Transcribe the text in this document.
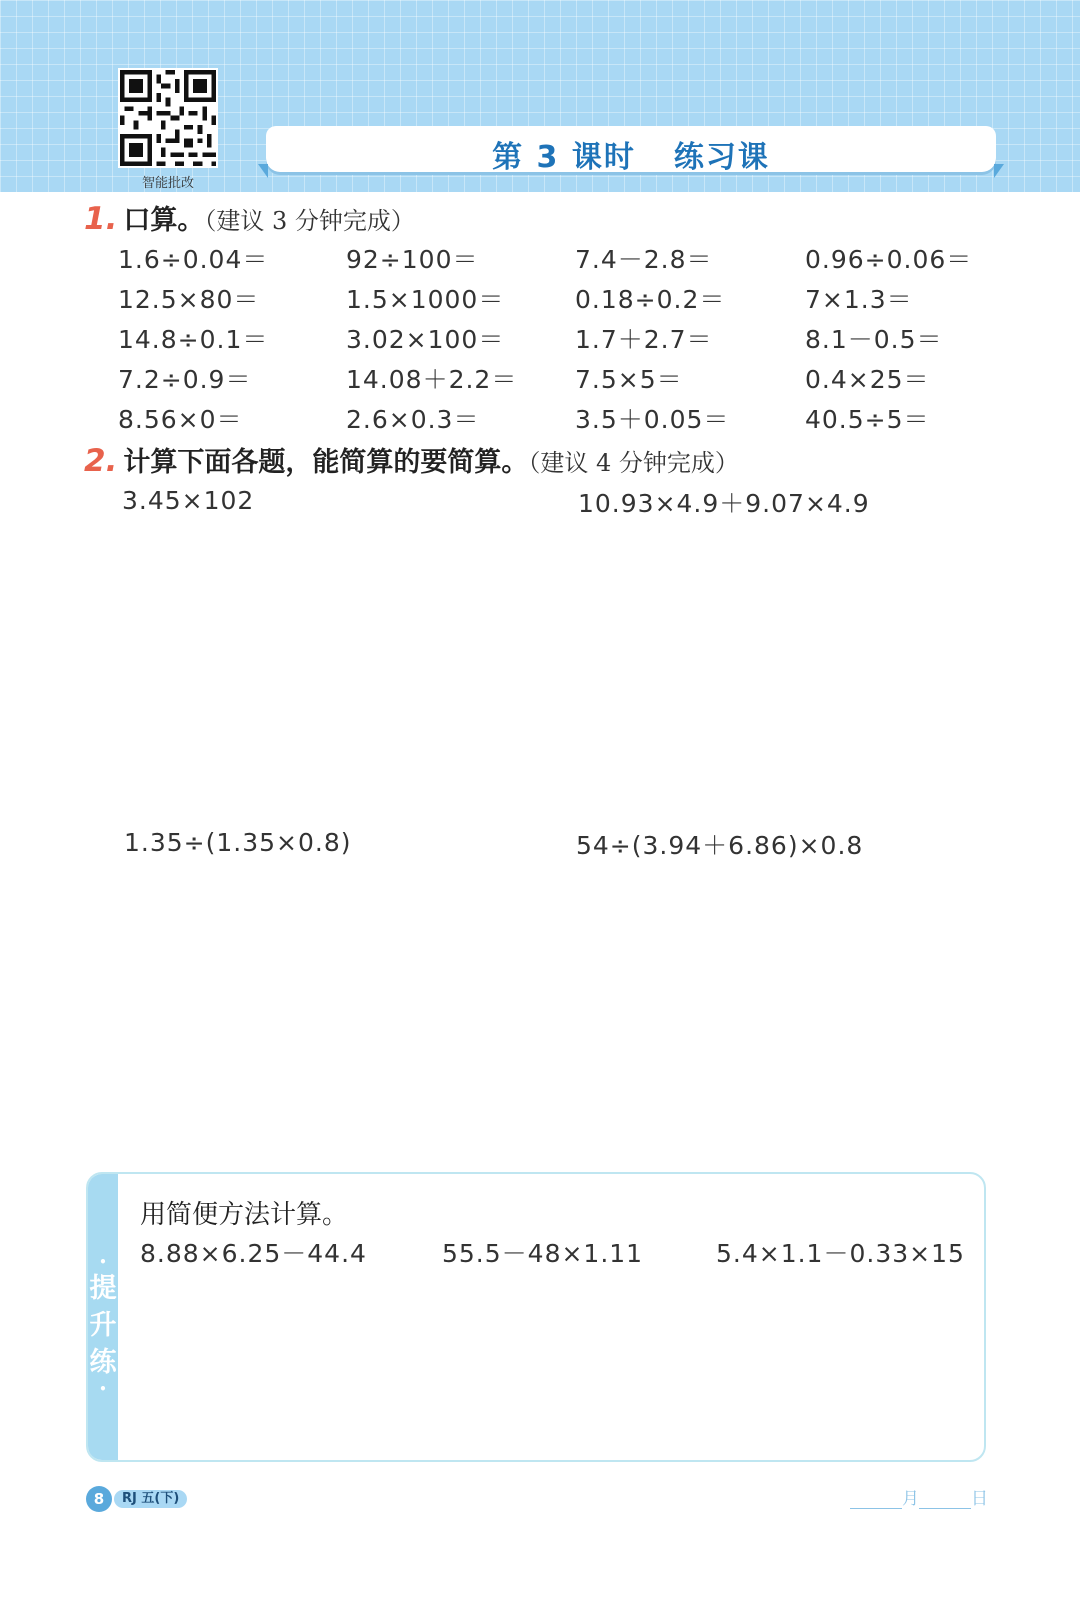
智能批改
第 3 课时 练习课
1. 口算。（建议 3 分钟完成）
1.6÷0.04＝	92÷100＝	7.4－2.8＝	0.96÷0.06＝
12.5×80＝	1.5×1000＝	0.18÷0.2＝	7×1.3＝
14.8÷0.1＝	3.02×100＝	1.7＋2.7＝	8.1－0.5＝
7.2÷0.9＝	14.08＋2.2＝ 7.5×5＝	0.4×25＝
8.56×0＝	2.6×0.3＝	3.5＋0.05＝	40.5÷5＝
2. 计算下面各题，能简算的要简算。（建议 4 分钟完成）
3.45×102	10.93×4.9＋9.07×4.9
1.35÷(1.35×0.8)	54÷(3.94＋6.86)×0.8
•
提
升
练
•
用简便方法计算。
8.88×6.25－44.4	55.5－48×1.11	5.4×1.1－0.33×15
8	RJ 五(下)	月	日
